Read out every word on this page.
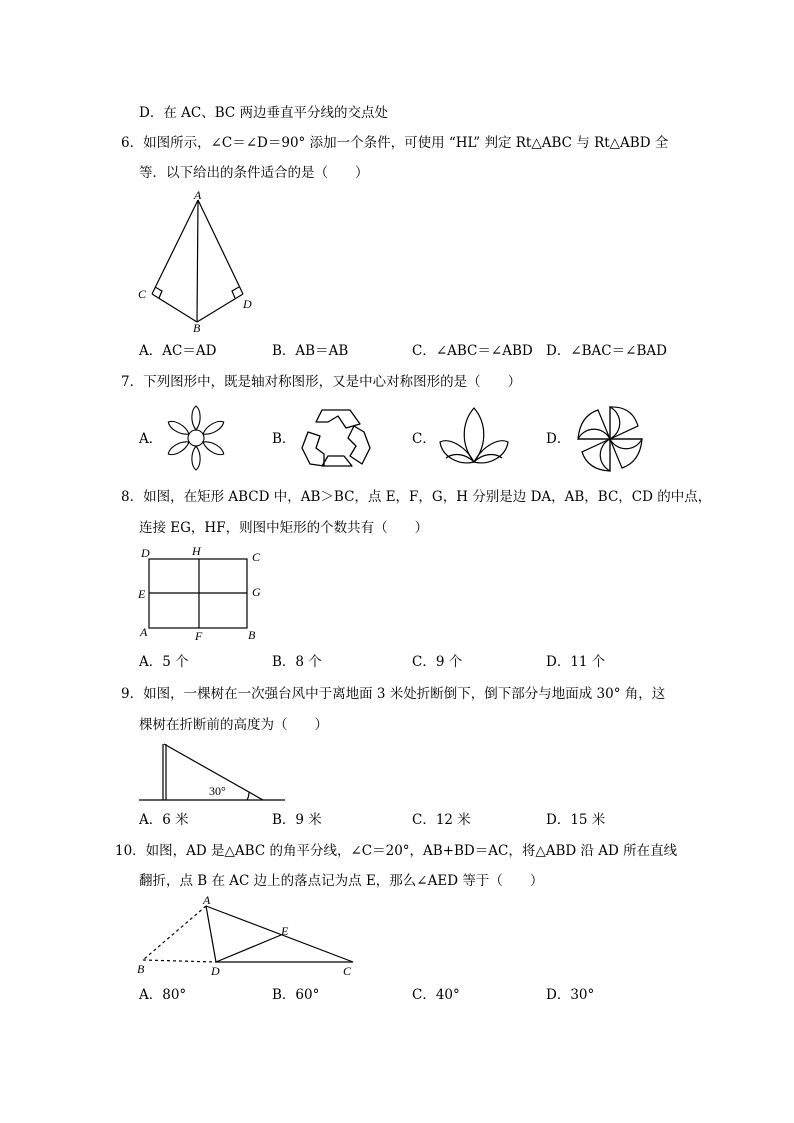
D．在 AC、BC 两边垂直平分线的交点处
6．如图所示，∠C＝∠D＝90° 添加一个条件，可使用 “HL” 判定 Rt△ABC 与 Rt△ABD 全
等．以下给出的条件适合的是（　　）
A
C
D
B
A．AC＝AD	B．AB＝AB	C．∠ABC＝∠ABD D．∠BAC＝∠BAD
7．下列图形中，既是轴对称图形，又是中心对称图形的是（　　）
A．	B．	C．	D．
8．如图，在矩形 ABCD 中，AB＞BC，点 E，F，G，H 分别是边 DA，AB，BC，CD 的中点，
连接 EG，HF，则图中矩形的个数共有（　　）
D	H	C
E	G
A	F	B
A．5 个	B．8 个	C．9 个	D．11 个
9．如图，一棵树在一次强台风中于离地面 3 米处折断倒下，倒下部分与地面成 30° 角，这
棵树在折断前的高度为（　　）
30°
A．6 米	B．9 米	C．12 米	D．15 米
10．如图，AD 是△ABC 的角平分线，∠C＝20°，AB+BD＝AC，将△ABD 沿 AD 所在直线
翻折，点 B 在 AC 边上的落点记为点 E，那么∠AED 等于（　　）
A
E
B	D	C
A．80°	B．60°	C．40°	D．30°
